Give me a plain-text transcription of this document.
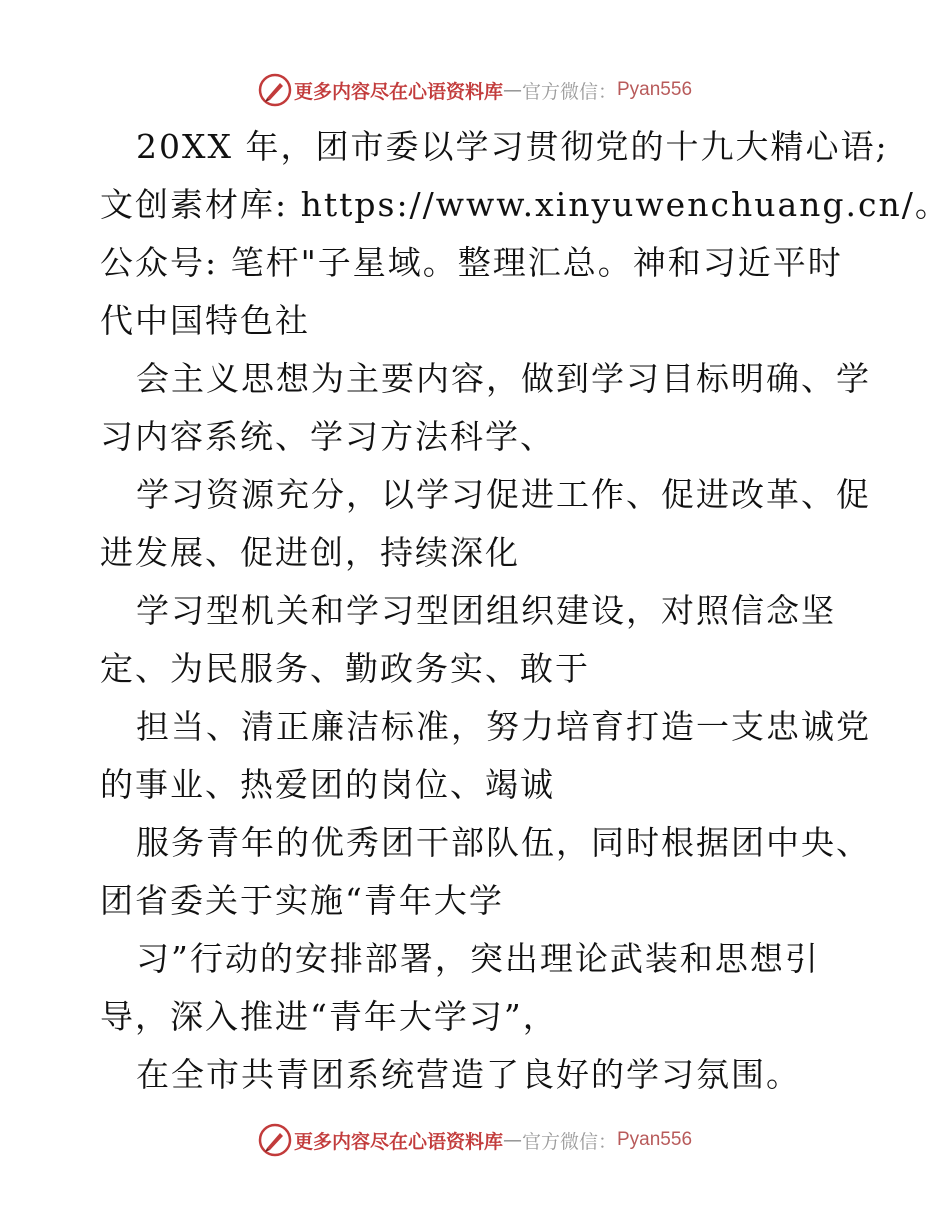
更多内容尽在心语资料库 — 官方微信： Pyan556
20XX 年，团市委以学习贯彻党的十九大精心语;
文创素材库: https://www.xinyuwenchuang.cn/。
公众号: 笔杆"子星域。整理汇总。神和习近平时
代中国特色社
会主义思想为主要内容，做到学习目标明确、学
习内容系统、学习方法科学、
学习资源充分，以学习促进工作、促进改革、促
进发展、促进创，持续深化
学习型机关和学习型团组织建设，对照信念坚
定、为民服务、勤政务实、敢于
担当、清正廉洁标准，努力培育打造一支忠诚党
的事业、热爱团的岗位、竭诚
服务青年的优秀团干部队伍，同时根据团中央、
团省委关于实施“青年大学
习”行动的安排部署，突出理论武装和思想引
导，深入推进“青年大学习”，
在全市共青团系统营造了良好的学习氛围。
更多内容尽在心语资料库 — 官方微信： Pyan556
